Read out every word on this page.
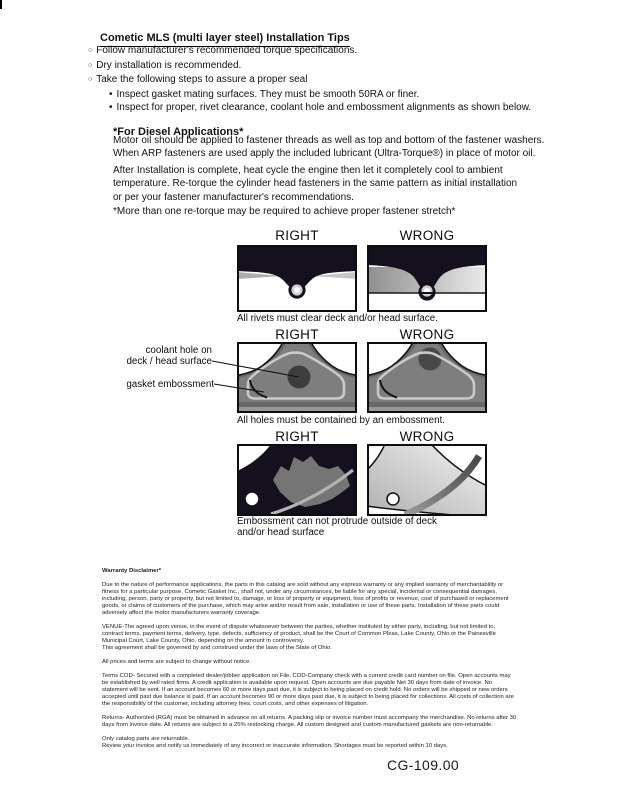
Cometic MLS (multi layer steel) Installation Tips
○ Follow manufacturer's recommended torque specifications.
○ Dry installation is recommended.
○ Take the following steps to assure a proper seal
• Inspect gasket mating surfaces. They must be smooth 50RA or finer.
• Inspect for proper, rivet clearance, coolant hole and embossment alignments as shown below.
*For Diesel Applications*
Motor oil should be applied to fastener threads as well as top and bottom of the fastener washers.
When ARP fasteners are used apply the included lubricant (Ultra-Torque®) in place of motor oil.
After Installation is complete, heat cycle the engine then let it completely cool to ambient
temperature. Re-torque the cylinder head fasteners in the same pattern as initial installation
or per your fastener manufacturer's recommendations.
*More than one re-torque may be required to achieve proper fastener stretch*
RIGHT	WRONG
All rivets must clear deck and/or head surface.
RIGHT	WRONG
coolant hole on
deck / head surface
gasket embossment
All holes must be contained by an embossment.
RIGHT	WRONG
Embossment can not protrude outside of deck
and/or head surface
Warranty Disclaimer*

Due to the nature of performance applications, the parts in this catalog are sold without any express warranty or any implied warranty of merchantability or fitness for a particular purpose. Cometic Gasket Inc., shall not, under any circumstances, be liable for any special, incidental or consequential damages, including, person, party or property, but not limited to, damage, or loss of property or equipment, loss of profits or revenue, cost of purchased or replacement goods, or claims of customers of the purchase, which may arise and/or result from sale, installation or use of these parts. Installation of these parts could adversely affect the motor manufacturers warranty coverage.

VENUE-The agreed upon venue, in the event of dispute whatsoever between the parties, whether instituted by either party, including, but not limited to, contract terms, payment terms, delivery, type, defects, sufficiency of product, shall be the Court of Common Pleas, Lake County, Ohio or the Painesville Municipal Court, Lake County, Ohio, depending on the amount in controversy.

This agreement shall be governed by and construed under the laws of the State of Ohio.

All prices and terms are subject to change without notice.

Terms COD- Secured with a completed dealer/jobber application on File, COD-Company check with a current credit card number on file. Open accounts may be established by well rated firms. A credit application is available upon request. Open accounts are due payable Net 30 days from date of invoice. No statement will be sent. If an account becomes 60 or more days past due, it is subject to being placed on credit hold. No orders will be shipped or new orders accepted until past due balance is paid. If an account becomes 90 or more days past due, it is subject to being placed for collections. All costs of collection are the responsibility of the customer, including attorney fees, court costs, and other expenses of litigation.

Returns- Authorized (RGA) must be obtained in advance on all returns. A packing slip or invoice number must accompany the merchandise. No returns after 30 days from invoice date. All returns are subject to a 25% restocking charge. All custom designed and custom manufactured gaskets are non-returnable.

Only catalog parts are returnable.

Review your invoice and notify us immediately of any incorrect or inaccurate information. Shortages must be reported within 10 days.

CG-109.00
